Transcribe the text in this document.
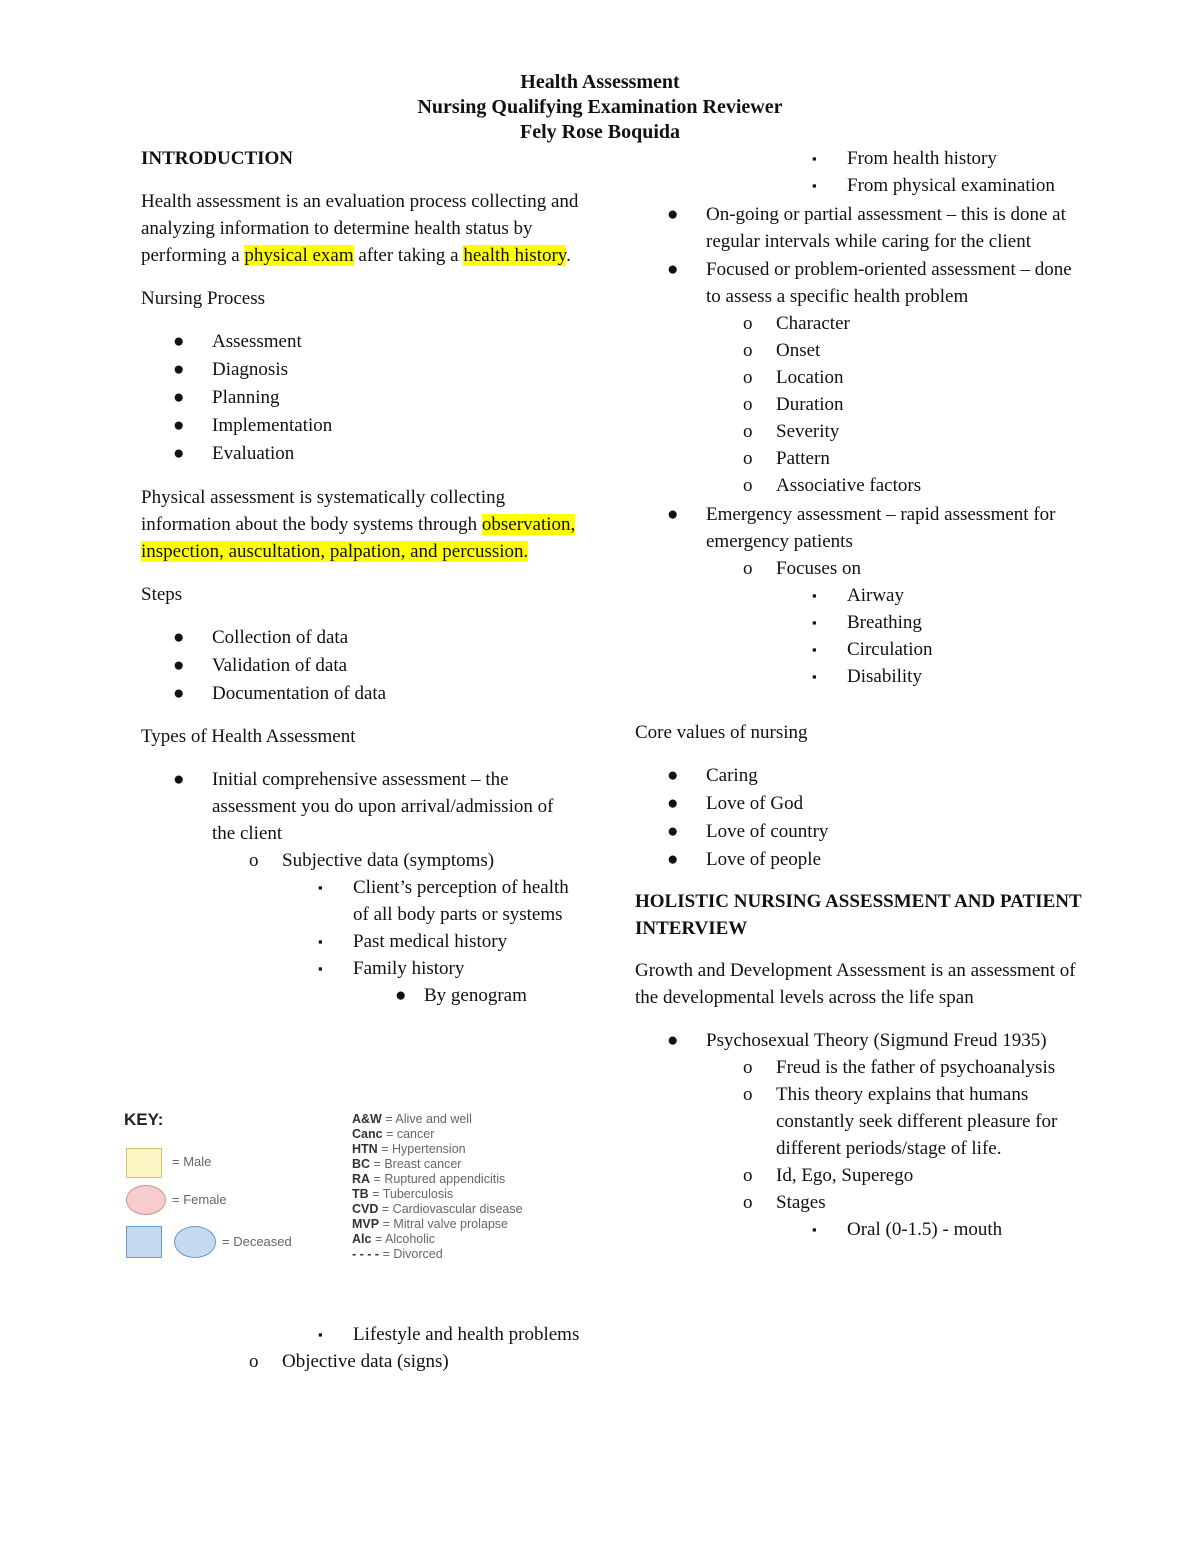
Health Assessment
Nursing Qualifying Examination Reviewer
Fely Rose Boquida

INTRODUCTION

Health assessment is an evaluation process collecting and analyzing information to determine health status by performing a physical exam after taking a health history.

Nursing Process

● Assessment
● Diagnosis
● Planning
● Implementation
● Evaluation

Physical assessment is systematically collecting information about the body systems through observation, inspection, auscultation, palpation, and percussion.

Steps

● Collection of data
● Validation of data
● Documentation of data

Types of Health Assessment

● Initial comprehensive assessment – the assessment you do upon arrival/admission of the client
o Subjective data (symptoms)
▪ Client’s perception of health of all body parts or systems
▪ Past medical history
▪ Family history
● By genogram
KEY:
= Male
= Female
= Deceased
A&W = Alive and well
Canc = cancer
HTN = Hypertension
BC = Breast cancer
RA = Ruptured appendicitis
TB = Tuberculosis
CVD = Cardiovascular disease
MVP = Mitral valve prolapse
Alc = Alcoholic
- - - - = Divorced
▪ Lifestyle and health problems
o Objective data (signs)
▪ From health history
▪ From physical examination
● On-going or partial assessment – this is done at regular intervals while caring for the client
● Focused or problem-oriented assessment – done to assess a specific health problem
o Character
o Onset
o Location
o Duration
o Severity
o Pattern
o Associative factors
● Emergency assessment – rapid assessment for emergency patients
o Focuses on
▪ Airway
▪ Breathing
▪ Circulation
▪ Disability

Core values of nursing

● Caring
● Love of God
● Love of country
● Love of people

HOLISTIC NURSING ASSESSMENT AND PATIENT INTERVIEW

Growth and Development Assessment is an assessment of the developmental levels across the life span

● Psychosexual Theory (Sigmund Freud 1935)
o Freud is the father of psychoanalysis
o This theory explains that humans constantly seek different pleasure for different periods/stage of life.
o Id, Ego, Superego
o Stages
▪ Oral (0-1.5) - mouth
